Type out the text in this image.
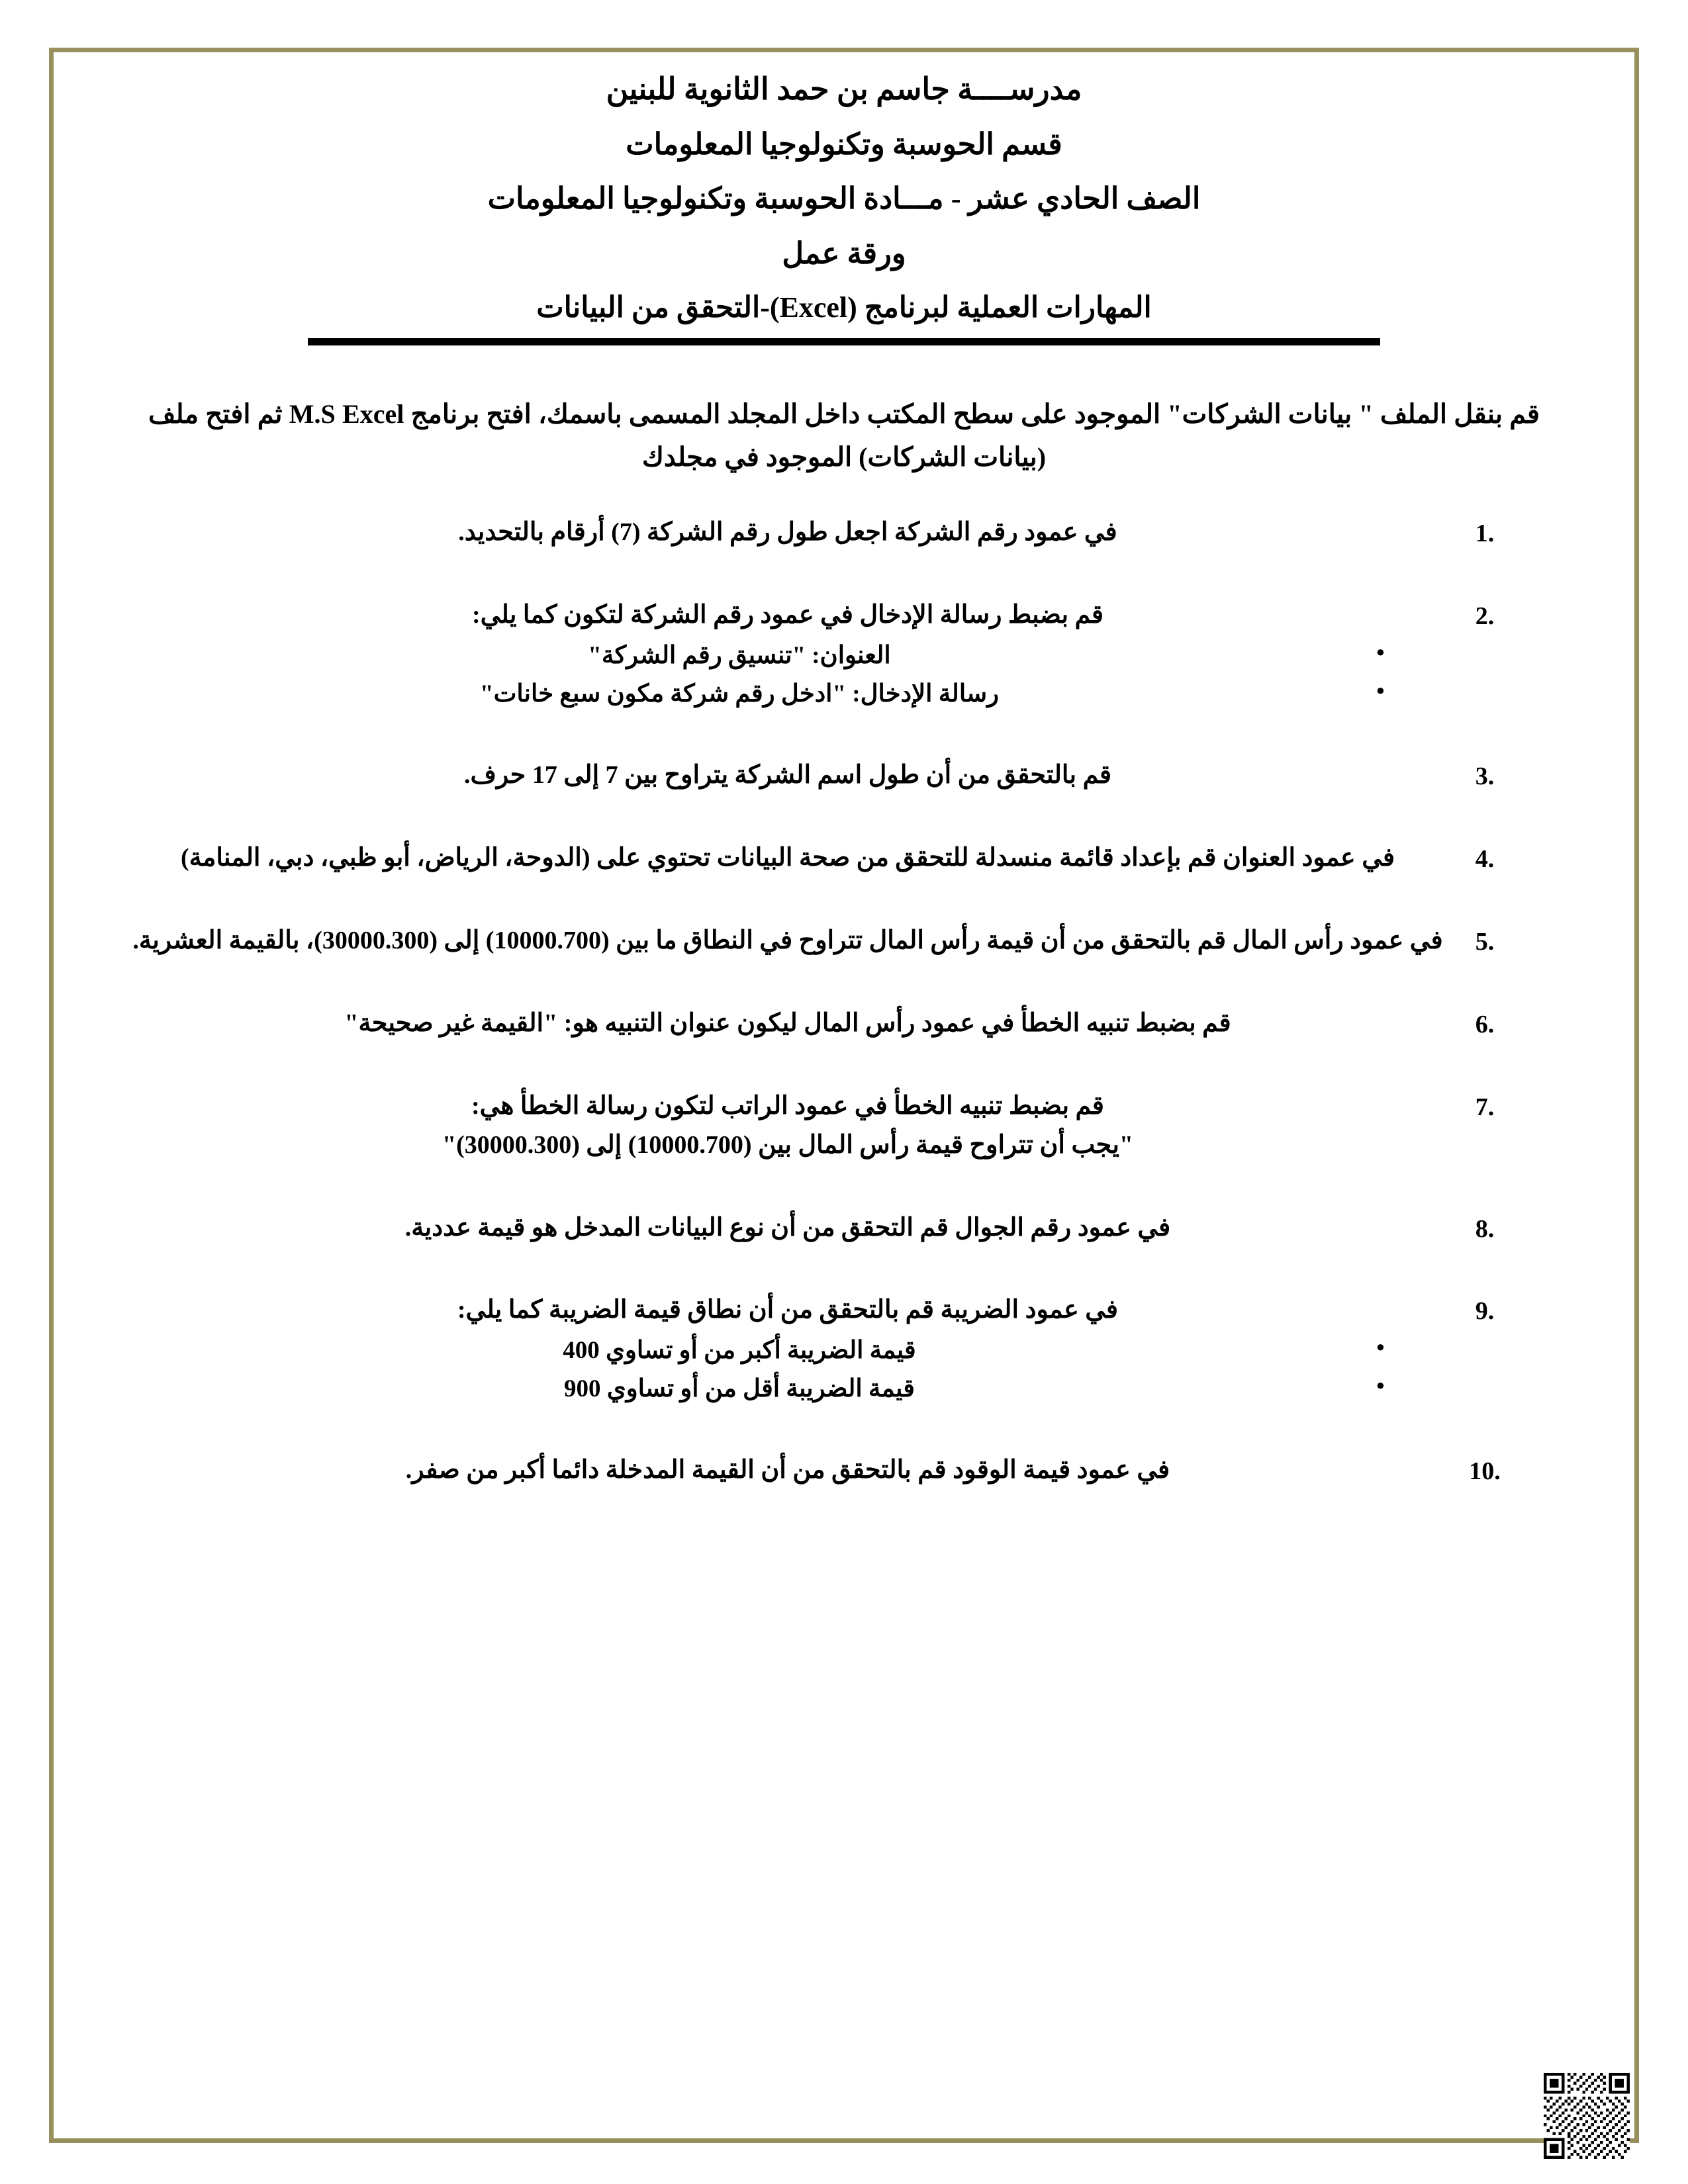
مدرســــة جاسم بن حمد الثانوية للبنين
قسم الحوسبة وتكنولوجيا المعلومات
الصف الحادي عشر - مـــادة الحوسبة وتكنولوجيا المعلومات
ورقة عمل
المهارات العملية لبرنامج (Excel)-التحقق من البيانات

قم بنقل الملف " بيانات الشركات" الموجود على سطح المكتب داخل المجلد المسمى باسمك، افتح برنامج M.S Excel ثم افتح ملف (بيانات الشركات) الموجود في مجلدك

في عمود رقم الشركة اجعل طول رقم الشركة (7) أرقام بالتحديد.
قم بضبط رسالة الإدخال في عمود رقم الشركة لتكون كما يلي:
● العنوان: "تنسيق رقم الشركة"
● رسالة الإدخال: "ادخل رقم شركة مكون سبع خانات"
قم بالتحقق من أن طول اسم الشركة يتراوح بين 7 إلى 17 حرف.
في عمود العنوان قم بإعداد قائمة منسدلة للتحقق من صحة البيانات تحتوي على (الدوحة، الرياض، أبو ظبي، دبي، المنامة)
في عمود رأس المال قم بالتحقق من أن قيمة رأس المال تتراوح في النطاق ما بين (10000.700) إلى (30000.300)، بالقيمة العشرية.
قم بضبط تنبيه الخطأ في عمود رأس المال ليكون عنوان التنبيه هو: "القيمة غير صحيحة"
قم بضبط تنبيه الخطأ في عمود الراتب لتكون رسالة الخطأ هي:
"يجب أن تتراوح قيمة رأس المال بين (10000.700) إلى (30000.300)"
في عمود رقم الجوال قم التحقق من أن نوع البيانات المدخل هو قيمة عددية.
في عمود الضريبة قم بالتحقق من أن نطاق قيمة الضريبة كما يلي:
● قيمة الضريبة أكبر من أو تساوي 400
● قيمة الضريبة أقل من أو تساوي 900
في عمود قيمة الوقود قم بالتحقق من أن القيمة المدخلة دائما أكبر من صفر.
